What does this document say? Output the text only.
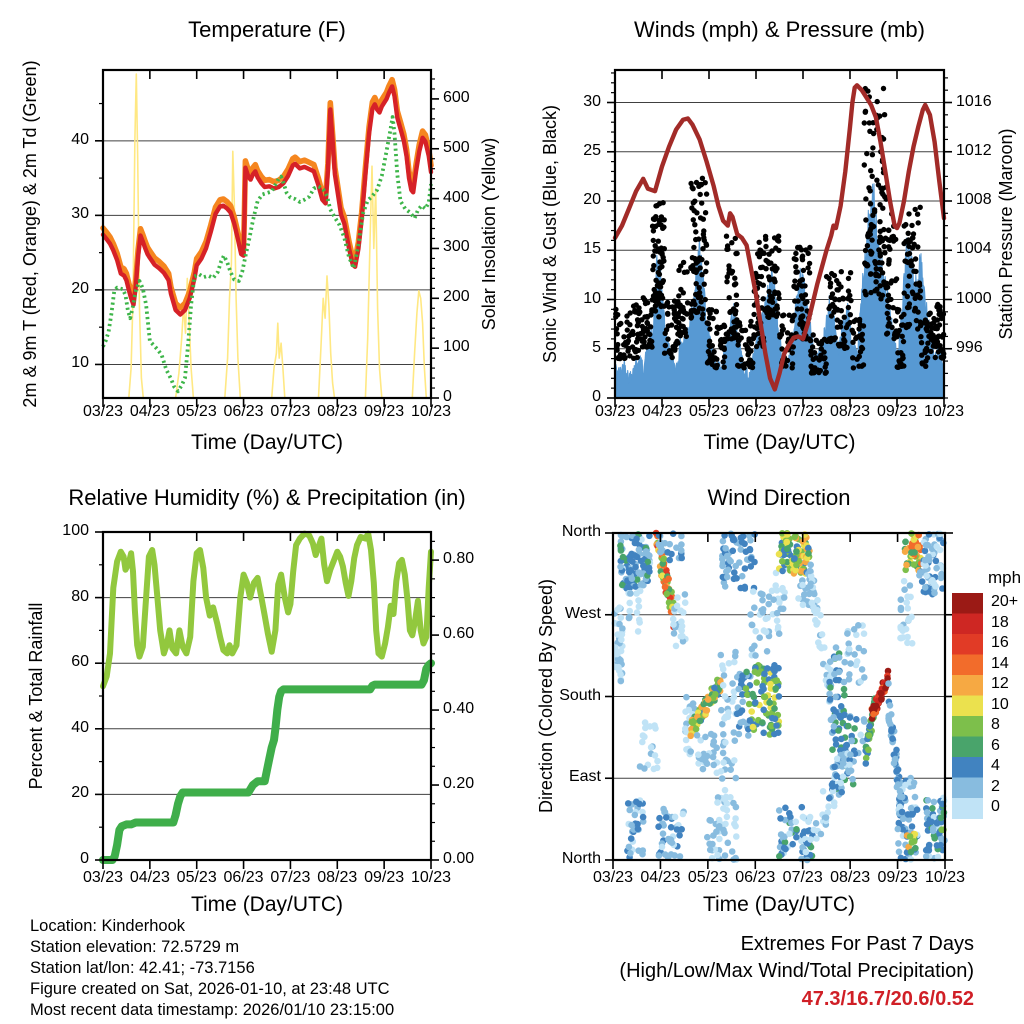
Temperature (F)	Winds (mph) & Pressure (mb)
Relative Humidity (%) & Precipitation (in)	Wind Direction
2m & 9m T (Red, Orange) & 2m Td (Green)	Solar Insolation (Yellow) Sonic Wind & Gust (Blue, Black)	Station Pressure (Maroon)
Percent & Total Rainfall	Direction (Colored By Speed)
Time (Day/UTC)	Time (Day/UTC)
Time (Day/UTC)	Time (Day/UTC)
mph
Location: Kinderhook
Station elevation: 72.5729 m
Station lat/lon: 42.41; -73.7156
Figure created on Sat, 2026-01-10, at 23:48 UTC
Most recent data timestamp: 2026/01/10 23:15:00
Extremes For Past 7 Days
(High/Low/Max Wind/Total Precipitation)
47.3/16.7/20.6/0.52
03/23 04/23 05/23 06/23 07/23 08/23 09/23 10/23
10
20
30
40
0
100
200
300
400
500
600
03/23 04/23 05/23 06/23 07/23 08/23 09/23 10/23
0
5
10
15
20
25
30
996
1000
1004
1008
1012
1016
03/23 04/23 05/23 06/23 07/23 08/23 09/23 10/23
0
20
40
60
80
100
0.00
0.20
0.40
0.60
0.80
03/23 04/23 05/23 06/23 07/23 08/23 09/23 10/23
North
West
South
East
North
20+
18
16
14
12
10
8
6
4
2
0
